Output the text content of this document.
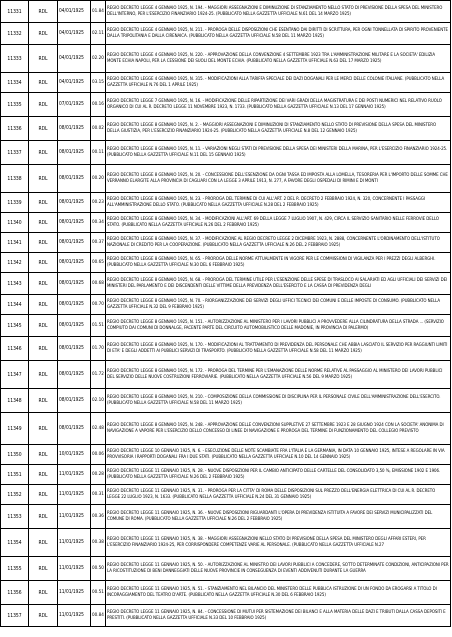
11331	RDL	04/01/1925	01.84	REGIO DECRETO LEGGE 4 GENNAIO 1925, N. 194. - MAGGIORI ASSEGNAZIONI E DIMINUZIONE DI STANZIAMENTO NELLO STATO DI PREVISIONE DELLA SPESA DEL MINISTERO DELL'INTERNO, PER L'ESERCIZIO FINANZIARIO 1924-25. (PUBBLICATO NELLA GAZZETTA UFFICIALE N.61 DEL 14 MARZO 1925)
11332	RDL	04/01/1925	02.11	REGIO DECRETO LEGGE 4 GENNAIO 1925, N. 211. - PROROGA DELLE DISPOSIZIONI CHE ESENTANO DAI DIRITTI DI SCRITTURA, PER OGNI TONNELLATA DI SPIRITO PROVENIENTE DALLA TRIPOLITANIA E DALLA CIRENAICA. (PUBBLICATO NELLA GAZZETTA UFFICIALE N.58 DEL 11 MARZO 1925)
11333	RDL	04/01/1925	02.20	REGIO DECRETO LEGGE 4 GENNAIO 1925, N. 220. - APPROVAZIONE DELLA CONVENZIONE 4 SETTEMBRE 1923 TRA L'AMMINISTRAZIONE MILITARE E LA SOCIETA' EDILIZIA MONTE ECHIA NAPOLI, PER LA CESSIONE DEI SUOLI DEL MONTE ECHIA. (PUBBLICATO NELLA GAZZETTA UFFICIALE N.63 DEL 17 MARZO 1925)
11334	RDL	04/01/1925	03.15	REGIO DECRETO LEGGE 4 GENNAIO 1925, N. 315. - MODIFICAZIONI ALLA TARIFFA SPECIALE DEI DAZI DOGANALI PER LE MERCI DELLE COLONIE ITALIANE. (PUBBLICATO NELLA GAZZETTA UFFICIALE N.76 DEL 1 APRILE 1925)
11335	RDL	07/01/1925	00.16	REGIO DECRETO LEGGE 7 GENNAIO 1925, N. 16. - MODIFICAZIONE DELLE RIPARTIZIONE DEI VARI GRADI DELLA MAGISTRATURA E DEI POSTI NUMERICI NEL RELATIVO RUOLO ORGANICO DI CUI AL R. DECRETO LEGGE 11 NOVEMBRE 1923, N. 1733. (PUBBLICATO NELLA GAZZETTA UFFICIALE N.13 DEL 17 GENNAIO 1925)
11336	RDL	08/01/1925	00.02	REGIO DECRETO LEGGE 8 GENNAIO 1925, N. 2. - MAGGIORI ASSEGNAZIONI E DIMINUZIONI DI STANZIAMENTO NELLO STATO DI PREVISIONE DELLA SPESA DEL MINISTERO DELLA GIUSTIZIA, PER L'ESERCIZIO FINANZIARIO 1924-25. (PUBBLICATO NELLA GAZZETTA UFFICIALE N.8 DEL 12 GENNAIO 1925)
11337	RDL	08/01/1925	00.11	REGIO DECRETO LEGGE 8 GENNAIO 1925, N. 11. - VARIAZIONI NEGLI STATI DI PREVISIONE DELLA SPESA DEI MINISTERI DELLA MARINA, PER L'ESERCIZIO FINANZIARIO 1924-25. (PUBBLICATO NELLA GAZZETTA UFFICIALE N.11 DEL 15 GENNAIO 1925)
11338	RDL	08/01/1925	00.20	REGIO DECRETO LEGGE 8 GENNAIO 1925, N. 20. - CONCESSIONE DELL'ESENZIONE DA OGNI TASSA ED IMPOSTA ALLA LOMELLA, TESORERIA PER L'IMPORTO DELLE SOMME CHE VERRANNO ELARGITE ALLA PROVINCIA DI CAGLIARI CON LA LEGGE 3 APRILE 1913, N. 277, A FAVORE DEGLI OSPEDALI DI RIMINI E DI MONTI
11339	RDL	08/01/1925	00.23	REGIO DECRETO LEGGE 8 GENNAIO 1925, N. 23. - PROROGA DEL TERMINE DI CUI ALL'ART. 2 DEL R. DECRETO 2 FEBBRAIO 1924, N. 320, CONCERNENTE I PASSAGGI ALL'AMMINISTRAZIONE DELLO STATO. (PUBBLICATO NELLA GAZZETTA UFFICIALE N.28 DEL 2 FEBBRAIO 1925)
11340	RDL	08/01/1925	00.34	REGIO DECRETO LEGGE 8 GENNAIO 1925, N. 34. - MODIFICAZIONI ALL'ART. 69 DELLA LEGGE 7 LUGLIO 1907, N. 429, CIRCA IL SERVIZIO SANITARIO NELLE FERROVIE DELLO STATO. (PUBBLICATO NELLA GAZZETTA UFFICIALE N.26 DEL 2 FEBBRAIO 1925)
11341	RDL	08/01/1925	00.37	REGIO DECRETO LEGGE 8 GENNAIO 1925, N. 37. - MODIFICAZIONE AL REGIO DECRETO LEGGE 2 DICEMBRE 1923, N. 2888, CONCERNENTE L'ORDINAMENTO DELL'ISTITUTO NAZIONALE DI CREDITO PER LA COOPERAZIONE. (PUBBLICATO NELLA GAZZETTA UFFICIALE N.26 DEL 2 FEBBRAIO 1925)
11342	RDL	08/01/1925	00.65	REGIO DECRETO LEGGE 8 GENNAIO 1925, N. 65. - PROROGA DELLE NORME ATTUALMENTE IN VIGORE PER LE COMMISSIONI DI VIGILANZA PER I PREZZI DEGLI ALBERGHI. (PUBBLICATO NELLA GAZZETTA UFFICIALE N.30 DEL 6 FEBBRAIO 1925)
11343	RDL	08/01/1925	00.68	REGIO DECRETO LEGGE 8 GENNAIO 1925, N. 68. - PROROGA DEL TERMINE UTILE PER L'ESENZIONE DELLE SPESE DI TRASLOCO AI SALARIATI ED AGLI UFFICIALI DEI SERVIZI DEI MINISTERI DEL PARLAMENTO E DEI DISCENDENTI DELLE VITTIME DELLA PREVIDENZA DELL'ESERCITO E LA CASSA DI PREVIDENZA DEGLI
11344	RDL	08/01/1925	00.70	REGIO DECRETO LEGGE 8 GENNAIO 1925, N. 70. - RIORGANIZZAZIONE DEI SERVIZI DEGLI UFFICI TECNICI DEI COMUNI E DELLE IMPOSTE DI CONSUMO. (PUBBLICATO NELLA GAZZETTA UFFICIALE N.32 DEL 9 FEBBRAIO 1925)
11345	RDL	08/01/1925	01.51	REGIO DECRETO LEGGE 8 GENNAIO 1925, N. 151. - AUTORIZZAZIONE AL MINISTERO PER I LAVORI PUBBLICI A PROVVEDERE ALLA CILINDRATURA DELLA STRADA ... (SERVIZIO COMPIUTO DAI COMUNI DI DONNALGE, FACENTE PARTE DEL CIRCUITO AUTOMOBILISTICO DELLE MADONIE, IN PROVINCIA DI PALERMO)
11346	RDL	08/01/1925	01.70	REGIO DECRETO LEGGE 8 GENNAIO 1925, N. 170. - MODIFICAZIONI AL TRATTAMENTO DI PREVIDENZA DEL PERSONALE CHE ABBIA LASCIATO IL SERVIZIO PER RAGGIUNTI LIMITI DI ETA' E DEGLI ADDETTI AI PUBBLICI SERVIZI DI TRASPORTO. (PUBBLICATO NELLA GAZZETTA UFFICIALE N.58 DEL 11 MARZO 1925)
11347	RDL	08/01/1925	01.72	REGIO DECRETO LEGGE 8 GENNAIO 1925, N. 172. - PROROGA DEL TERMINE PER L'EMANAZIONE DELLE NORME RELATIVE AL PASSAGGIO AL MINISTERO DEI LAVORI PUBBLICI DEL SERVIZIO DELLE NUOVE COSTRUZIONI FERROVIARIE. (PUBBLICATO NELLA GAZZETTA UFFICIALE N.56 DEL 9 MARZO 1925)
11348	RDL	08/01/1925	02.10	REGIO DECRETO LEGGE 8 GENNAIO 1925, N. 210. - COMPOSIZIONE DELLA COMMISSIONE DI DISCIPLINA PER IL PERSONALE CIVILE DELL'AMMINISTRAZIONE DELL'ESERCITO. (PUBBLICATO NELLA GAZZETTA UFFICIALE N.58 DEL 11 MARZO 1925)
11349	RDL	08/01/1925	02.48	REGIO DECRETO LEGGE 8 GENNAIO 1925, N. 248. - APPROVAZIONE DELLE CONVENZIONI SUPPLETIVE 27 SETTEMBRE 1923 E 28 GIUGNO 1924 CON LA SOCIETA' ANONIMA DI NAVIGAZIONE A VAPORE PER L'ESERCIZIO DELLO CONCESSO DI LINEE DI NAVIGAZIONE E PROROGA DEL TERMINE DI FUNZIONAMENTO DEL COLLEGIO PREVISTO
11350	RDL	10/01/1925	00.06	REGIO DECRETO LEGGE 10 GENNAIO 1925, N. 6. - ESECUZIONE DELLE NOTE SCAMBIATE FRA L'ITALIA E LA GERMANIA, IN DATA 10 GENNAIO 1925, INTESE A REGOLARE IN VIA PROVVISORIA I RAPPORTI DOGANALI FRA I DUE STATI. (PUBBLICATO NELLA GAZZETTA UFFICIALE N.10 DEL 14 GENNAIO 1925)
11351	RDL	11/01/1925	00.28	REGIO DECRETO LEGGE 11 GENNAIO 1925, N. 28. - NUOVE DISPOSIZIONI PER IL CAMBIO ANTICIPATO DELLE CARTELLE DEL CONSOLIDATO 3,50 %, EMISSIONE 1902 E 1906. (PUBBLICATO NELLA GAZZETTA UFFICIALE N.26 DEL 2 FEBBRAIO 1925)
11352	RDL	11/01/1925	00.31	REGIO DECRETO LEGGE 11 GENNAIO 1925, N. 31. - PROROGA PER LA CITTA' DI ROMA DELLE DISPOSIZIONI SUL PREZZO DELL'ENERGIA ELETTRICA DI CUI AL R. DECRETO LEGGE 22 LUGLIO 1923, N. 1633. (PUBBLICATO NELLA GAZZETTA UFFICIALE N.24 DEL 31 GENNAIO 1925)
11353	RDL	11/01/1925	00.36	REGIO DECRETO LEGGE 11 GENNAIO 1925, N. 36. - NUOVE DISPOSIZIONI RIGUARDANTI L'OPERA DI PREVIDENZA ISTITUITA A FAVORE DEI SERVIZI MUNICIPALIZZATI DEL COMUNE DI ROMA. (PUBBLICATO NELLA GAZZETTA UFFICIALE N.26 DEL 2 FEBBRAIO 1925)
11354	RDL	11/01/1925	00.38	REGIO DECRETO LEGGE 11 GENNAIO 1925, N. 38. - MAGGIORI ASSEGNAZIONI NELLO STATO DI PREVISIONE DELLA SPESA DEL MINISTERO DEGLI AFFARI ESTERI, PER L'ESERCIZIO FINANZIARIO 1924-25, PER CORRISPONDERE COMPETENZE VARIE AL PERSONALE. (PUBBLICATO NELLA GAZZETTA UFFICIALE N.27
11355	RDL	11/01/1925	00.50	REGIO DECRETO LEGGE 11 GENNAIO 1925, N. 50. - AUTORIZZAZIONE AL MINISTRO DEI LAVORI PUBBLICI A CONCEDERE, SOTTO DETERMINATE CONDIZIONI, ANTICIPAZIONI PER LA RICOSTITUZIONE DI BENI DANNEGGIATI DELLE NUOVE PROVINCIE IN CONSEGUENZA DI EVENTI ADDIVENUTI DURANTE LA GUERRA
11356	RDL	11/01/1925	00.51	REGIO DECRETO LEGGE 11 GENNAIO 1925, N. 51. - STANZIAMENTO NEL BILANCIO DEL MINISTERO DELLE PUBBLICA ISTRUZIONE DI UN FONDO DA EROGARSI A TITOLO DI INCORAGGIAMENTO DEL TEATRO D'ARTE. (PUBBLICATO NELLA GAZZETTA UFFICIALE N.30 DEL 6 FEBBRAIO 1925)
11357	RDL	11/01/1925	00.84	REGIO DECRETO LEGGE 11 GENNAIO 1925, N. 84. - CONCESSIONE DI MUTUI PER SISTEMAZIONE DEI BILANCI E ALLA MATERIA DELLE DAZI E TRIBUTI DALLA CASSA DEPOSITI E PRESTITI. (PUBBLICATO NELLA GAZZETTA UFFICIALE N.33 DEL 10 FEBBRAIO 1925)
